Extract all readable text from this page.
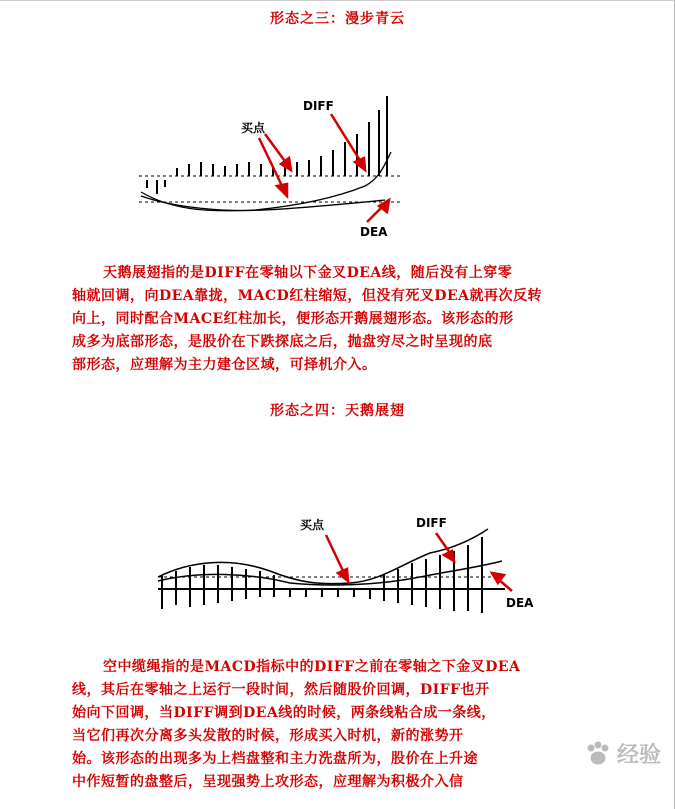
形态之三：漫步青云
DIFF
买点
DEA

天鹅展翅指的是DIFF在零轴以下金叉DEA线，随后没有上穿零
轴就回调，向DEA靠拢，MACD红柱缩短，但没有死叉DEA就再次反转
向上，同时配合MACE红柱加长，便形态开鹅展翅形态。该形态的形
成多为底部形态，是股价在下跌探底之后，抛盘穷尽之时呈现的底
部形态，应理解为主力建仓区域，可择机介入。

形态之四：天鹅展翅
买点	DIFF
DEA

空中缆绳指的是MACD指标中的DIFF之前在零轴之下金叉DEA
线，其后在零轴之上运行一段时间，然后随股价回调，DIFF也开
始向下回调，当DIFF调到DEA线的时候，两条线粘合成一条线，
当它们再次分离多头发散的时候，形成买入时机，新的涨势开
始。该形态的出现多为上档盘整和主力洗盘所为，股价在上升途
中作短暂的盘整后，呈现强势上攻形态，应理解为积极介入信

经验
